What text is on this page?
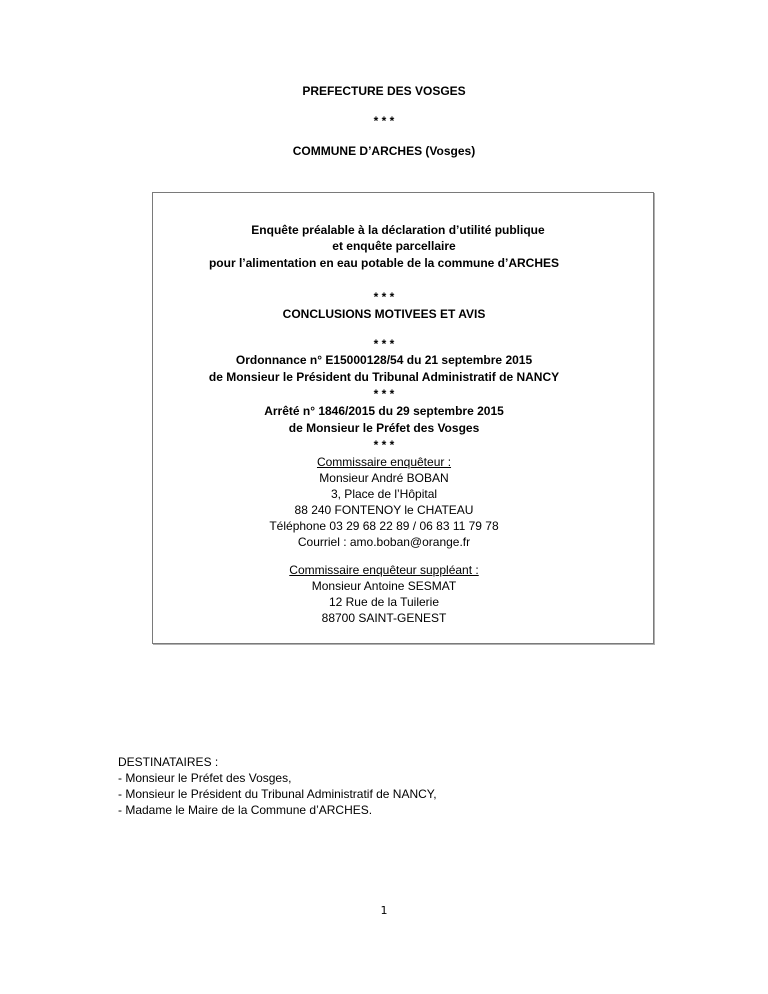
PREFECTURE DES VOSGES
* * *
COMMUNE D’ARCHES (Vosges)
Enquête préalable à la déclaration d’utilité publique
et enquête parcellaire
pour l’alimentation en eau potable de la commune d’ARCHES
* * *
CONCLUSIONS MOTIVEES ET AVIS
* * *
Ordonnance n° E15000128/54 du 21 septembre 2015
de Monsieur le Président du Tribunal Administratif de NANCY
* * *
Arrêté n° 1846/2015 du 29 septembre 2015
de Monsieur le Préfet des Vosges
* * *
Commissaire enquêteur :
Monsieur André BOBAN
3, Place de l’Hôpital
88 240 FONTENOY le CHATEAU
Téléphone 03 29 68 22 89 / 06 83 11 79 78
Courriel : amo.boban@orange.fr
Commissaire enquêteur suppléant :
Monsieur Antoine SESMAT
12 Rue de la Tuilerie
88700 SAINT-GENEST
DESTINATAIRES :
- Monsieur le Préfet des Vosges,
- Monsieur le Président du Tribunal Administratif de NANCY,
- Madame le Maire de la Commune d’ARCHES.
1
